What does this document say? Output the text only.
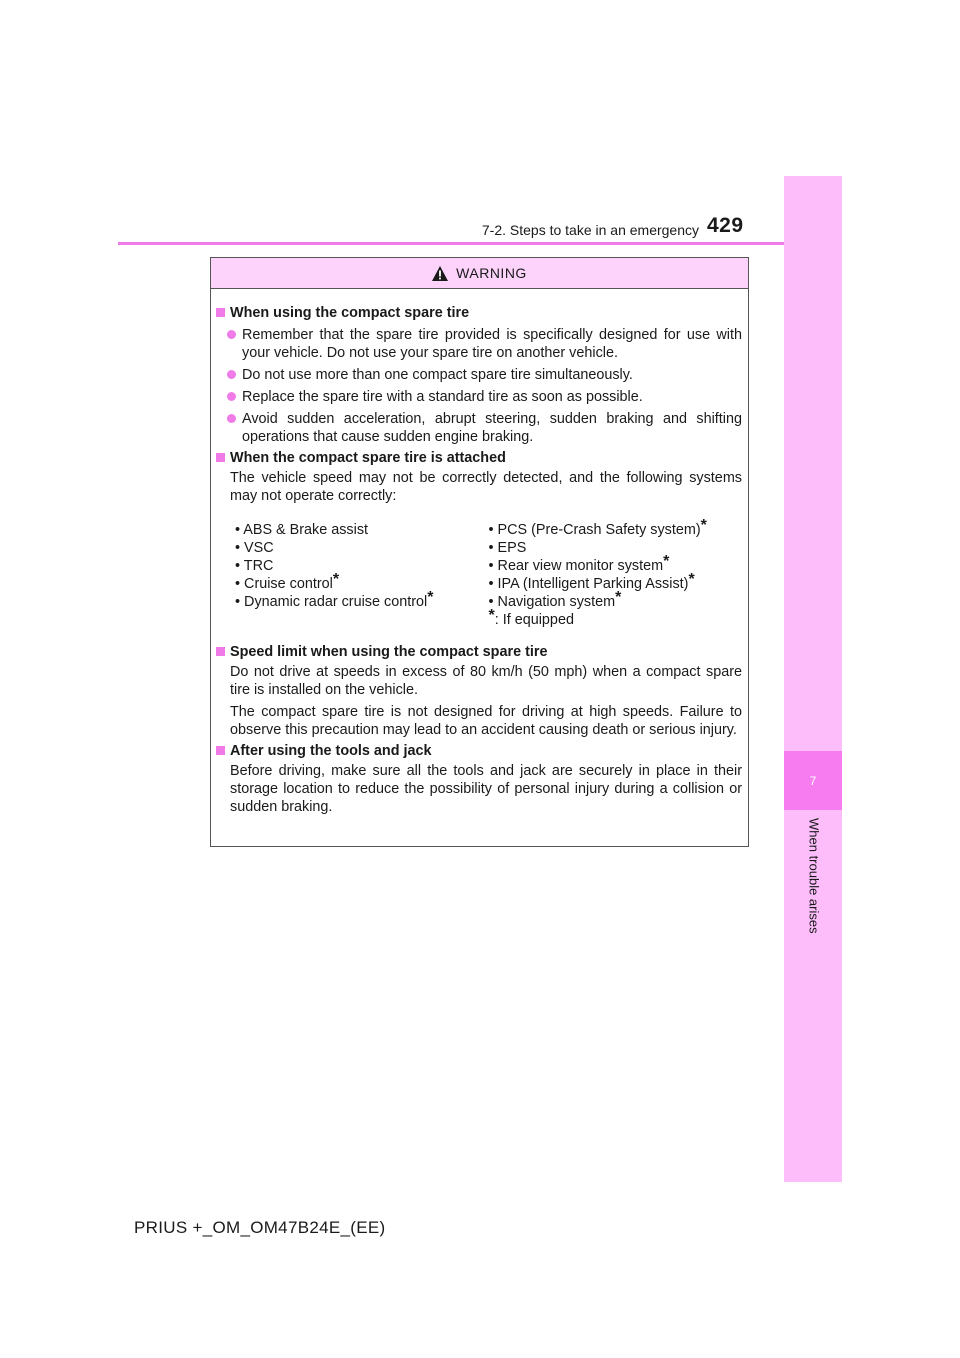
7-2. Steps to take in an emergency 429
7
When trouble arises
WARNING
When using the compact spare tire
Remember that the spare tire provided is specifically designed for use with your vehicle. Do not use your spare tire on another vehicle.
Do not use more than one compact spare tire simultaneously.
Replace the spare tire with a standard tire as soon as possible.
Avoid sudden acceleration, abrupt steering, sudden braking and shifting operations that cause sudden engine braking.
When the compact spare tire is attached
The vehicle speed may not be correctly detected, and the following systems may not operate correctly:
• ABS & Brake assist
• VSC
• TRC
• Cruise control*
• Dynamic radar cruise control*
• PCS (Pre-Crash Safety system)*
• EPS
• Rear view monitor system*
• IPA (Intelligent Parking Assist)*
• Navigation system*
*: If equipped
Speed limit when using the compact spare tire
Do not drive at speeds in excess of 80 km/h (50 mph) when a compact spare tire is installed on the vehicle.
The compact spare tire is not designed for driving at high speeds. Failure to observe this precaution may lead to an accident causing death or serious injury.
After using the tools and jack
Before driving, make sure all the tools and jack are securely in place in their storage location to reduce the possibility of personal injury during a collision or sudden braking.
PRIUS +_OM_OM47B24E_(EE)
